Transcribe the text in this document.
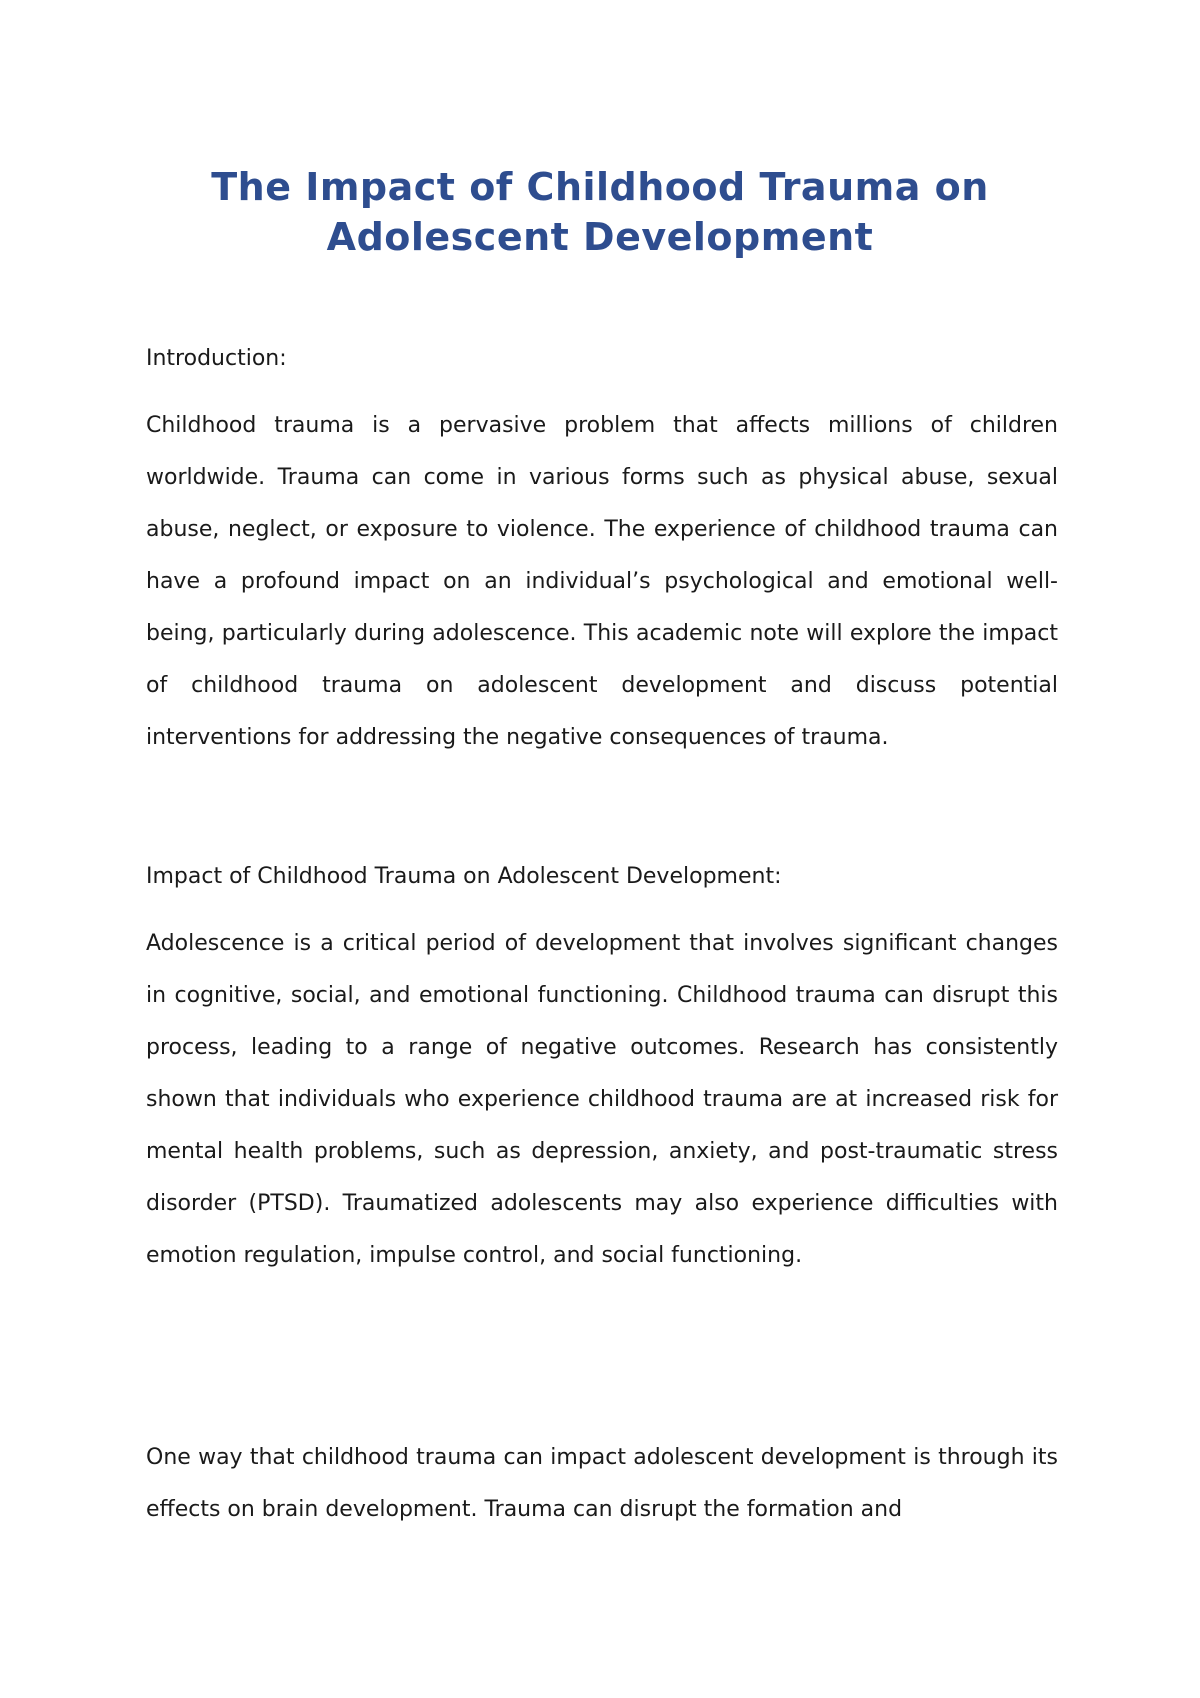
The Impact of Childhood Trauma on Adolescent Development

Introduction:

Childhood trauma is a pervasive problem that affects millions of children worldwide. Trauma can come in various forms such as physical abuse, sexual abuse, neglect, or exposure to violence. The experience of childhood trauma can have a profound impact on an individual’s psychological and emotional well-being, particularly during adolescence. This academic note will explore the impact of childhood trauma on adolescent development and discuss potential interventions for addressing the negative consequences of trauma.

Impact of Childhood Trauma on Adolescent Development:

Adolescence is a critical period of development that involves significant changes in cognitive, social, and emotional functioning. Childhood trauma can disrupt this process, leading to a range of negative outcomes. Research has consistently shown that individuals who experience childhood trauma are at increased risk for mental health problems, such as depression, anxiety, and post-traumatic stress disorder (PTSD). Traumatized adolescents may also experience difficulties with emotion regulation, impulse control, and social functioning.

One way that childhood trauma can impact adolescent development is through its effects on brain development. Trauma can disrupt the formation and
